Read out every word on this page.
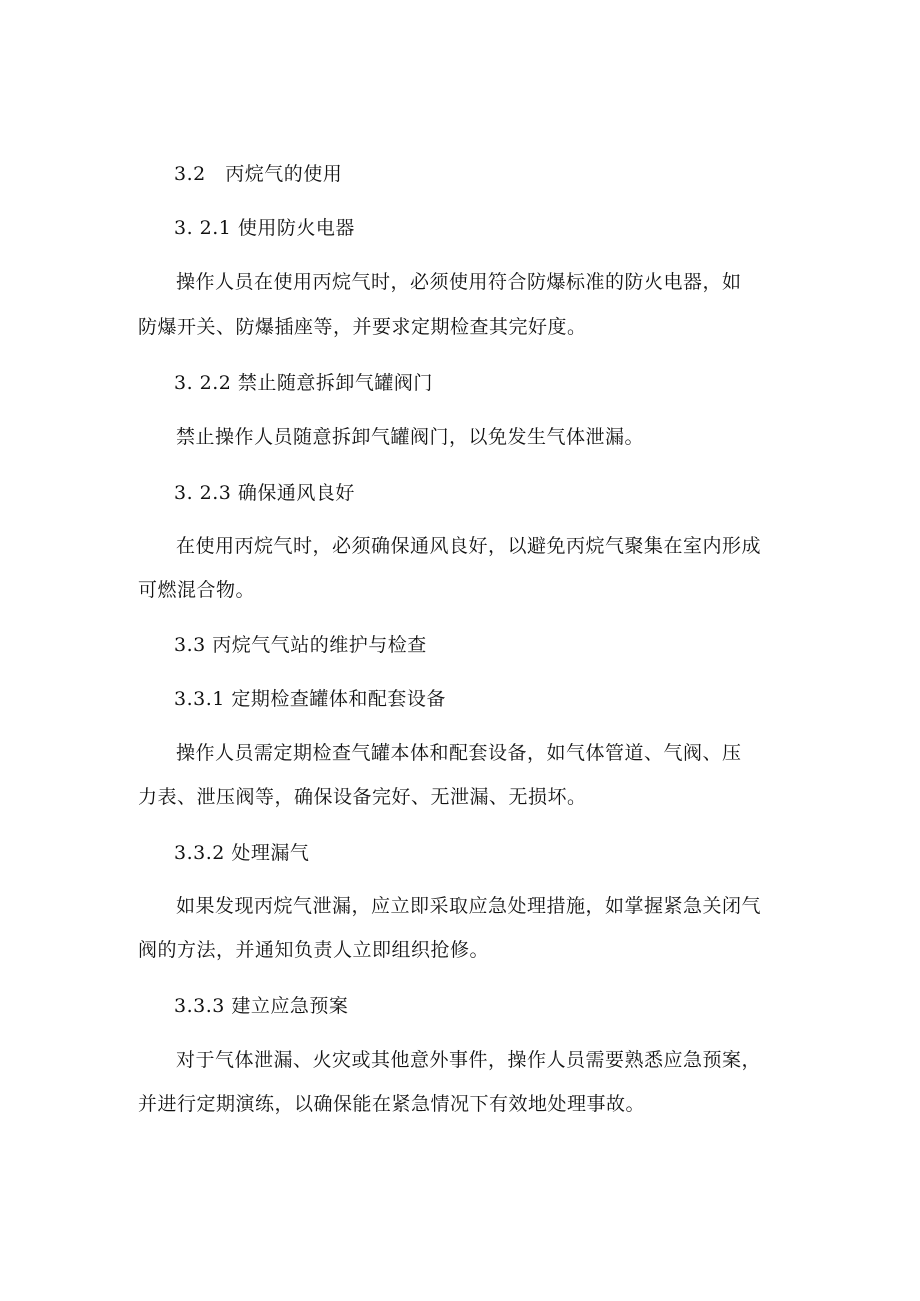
3.2　丙烷气的使用
3. 2.1 使用防火电器
操作人员在使用丙烷气时，必须使用符合防爆标准的防火电器，如
防爆开关、防爆插座等，并要求定期检查其完好度。
3. 2.2 禁止随意拆卸气罐阀门
禁止操作人员随意拆卸气罐阀门，以免发生气体泄漏。
3. 2.3 确保通风良好
在使用丙烷气时，必须确保通风良好，以避免丙烷气聚集在室内形成
可燃混合物。
3.3 丙烷气气站的维护与检查
3.3.1 定期检查罐体和配套设备
操作人员需定期检查气罐本体和配套设备，如气体管道、气阀、压
力表、泄压阀等，确保设备完好、无泄漏、无损坏。
3.3.2 处理漏气
如果发现丙烷气泄漏，应立即采取应急处理措施，如掌握紧急关闭气
阀的方法，并通知负责人立即组织抢修。
3.3.3 建立应急预案
对于气体泄漏、火灾或其他意外事件，操作人员需要熟悉应急预案，
并进行定期演练，以确保能在紧急情况下有效地处理事故。
